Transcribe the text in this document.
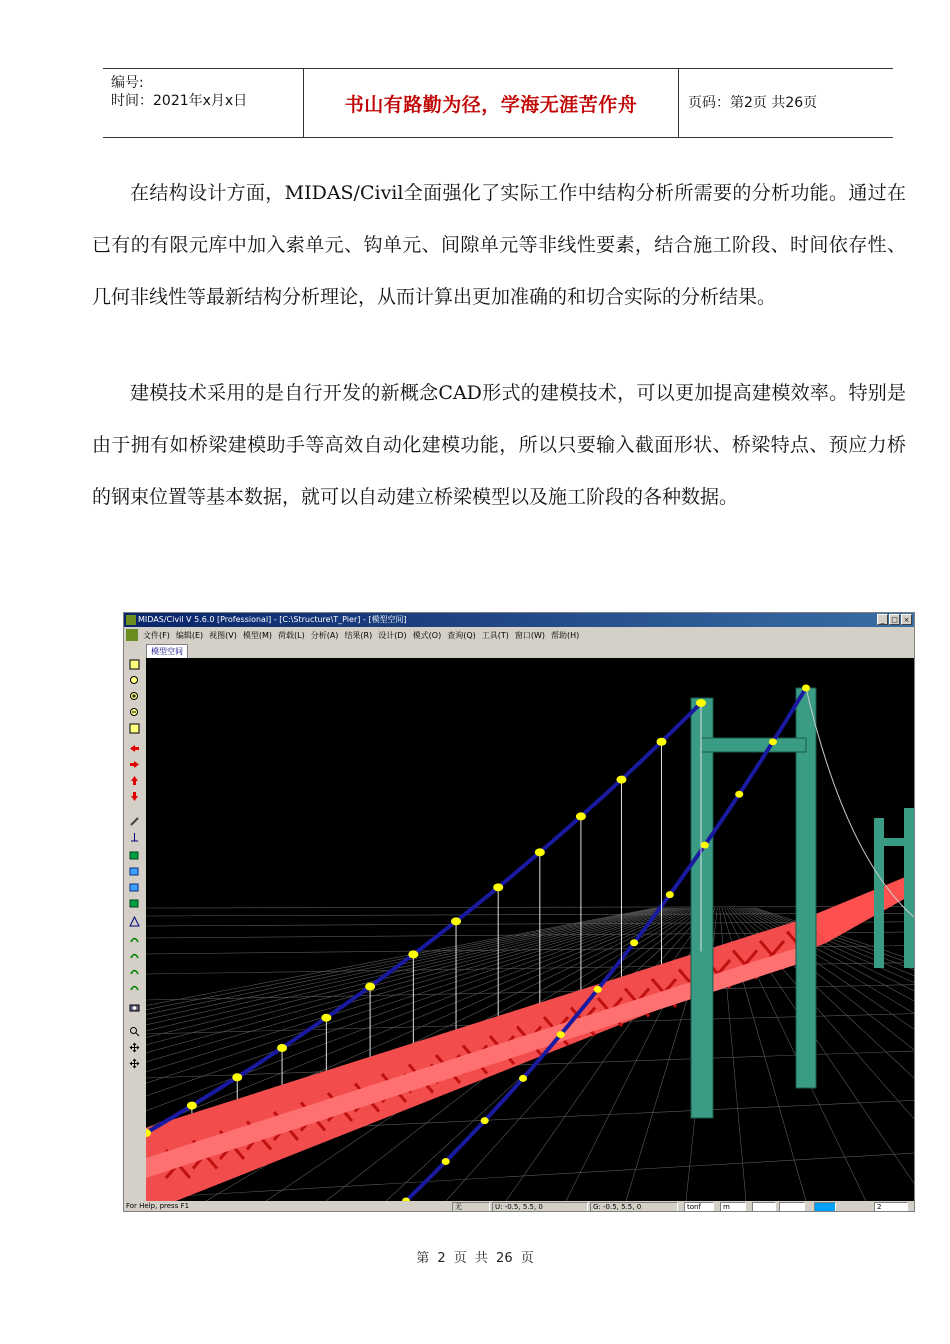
编号:
时间：2021年x月x日	书山有路勤为径，学海无涯苦作舟	页码：第2页 共26页

在结构设计方面，MIDAS/Civil全面强化了实际工作中结构分析所需要的分析功能。通过在已有的有限元库中加入索单元、钩单元、间隙单元等非线性要素，结合施工阶段、时间依存性、几何非线性等最新结构分析理论，从而计算出更加准确的和切合实际的分析结果。

建模技术采用的是自行开发的新概念CAD形式的建模技术，可以更加提高建模效率。特别是由于拥有如桥梁建模助手等高效自动化建模功能，所以只要输入截面形状、桥梁特点、预应力桥的钢束位置等基本数据，就可以自动建立桥梁模型以及施工阶段的各种数据。

MIDAS/Civil V 5.6.0 [Professional] - [C:\Structure\T_Pier] - [模型空间]	_ □ ×
文件(F) 编辑(E) 视图(V) 模型(M) 荷载(L) 分析(A) 结果(R) 设计(D) 模式(O) 查询(Q) 工具(T) 窗口(W) 帮助(H)
模型空间
For Help, press F1	无	U: -0.5, 5.5, 0	G: -0.5, 5.5, 0	tonf	m	2
第 2 页 共 26 页
